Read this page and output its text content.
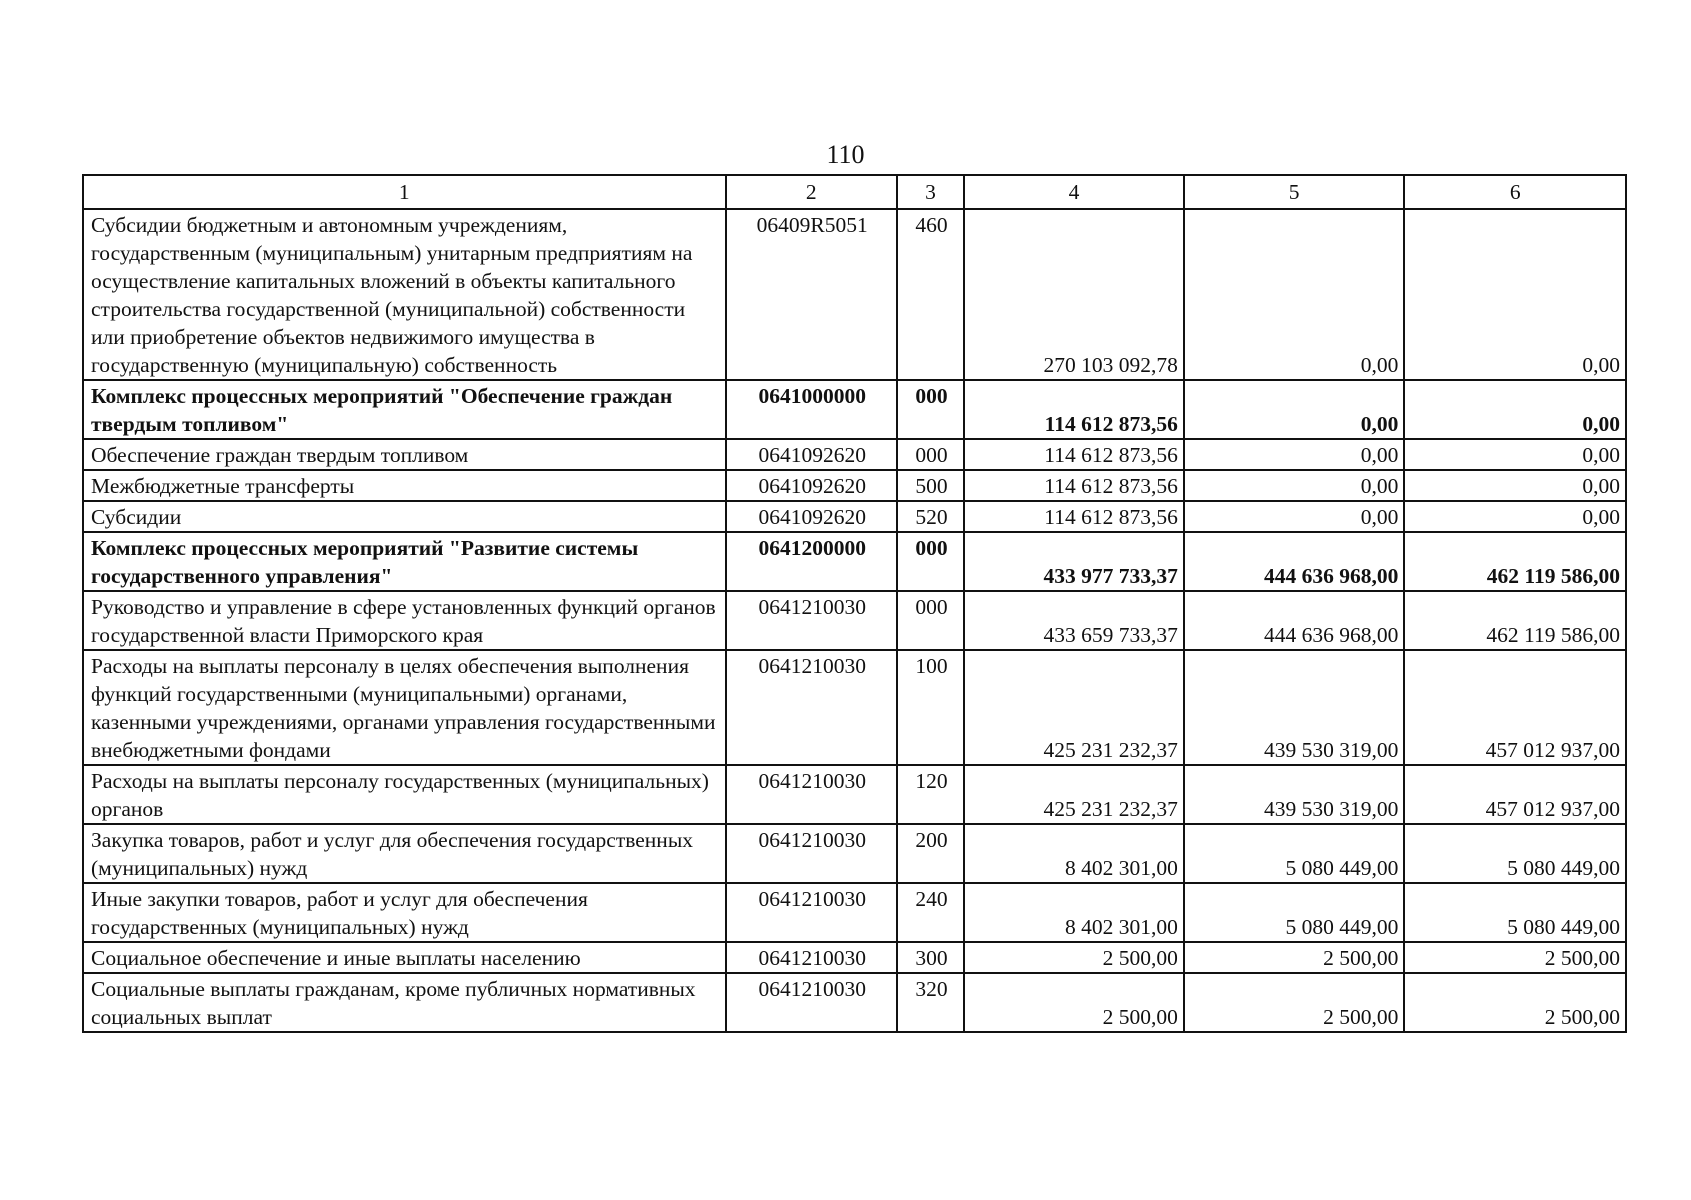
110
1	2	3	4	5	6
Субсидии бюджетным и автономным учреждениям, государственным (муниципальным) унитарным предприятиям на осуществление капитальных вложений в объекты капитального строительства государственной (муниципальной) собственности или приобретение объектов недвижимого имущества в государственную (муниципальную) собственность	06409R5051	460	270 103 092,78	0,00	0,00
Комплекс процессных мероприятий "Обеспечение граждан твердым топливом"	0641000000	000	114 612 873,56	0,00	0,00
Обеспечение граждан твердым топливом	0641092620	000	114 612 873,56	0,00	0,00
Межбюджетные трансферты	0641092620	500	114 612 873,56	0,00	0,00
Субсидии	0641092620	520	114 612 873,56	0,00	0,00
Комплекс процессных мероприятий "Развитие системы государственного управления"	0641200000	000	433 977 733,37	444 636 968,00	462 119 586,00
Руководство и управление в сфере установленных функций органов государственной власти Приморского края	0641210030	000	433 659 733,37	444 636 968,00	462 119 586,00
Расходы на выплаты персоналу в целях обеспечения выполнения функций государственными (муниципальными) органами, казенными учреждениями, органами управления государственными внебюджетными фондами	0641210030	100	425 231 232,37	439 530 319,00	457 012 937,00
Расходы на выплаты персоналу государственных (муниципальных) органов	0641210030	120	425 231 232,37	439 530 319,00	457 012 937,00
Закупка товаров, работ и услуг для обеспечения государственных (муниципальных) нужд	0641210030	200	8 402 301,00	5 080 449,00	5 080 449,00
Иные закупки товаров, работ и услуг для обеспечения государственных (муниципальных) нужд	0641210030	240	8 402 301,00	5 080 449,00	5 080 449,00
Социальное обеспечение и иные выплаты населению	0641210030	300	2 500,00	2 500,00	2 500,00
Социальные выплаты гражданам, кроме публичных нормативных социальных выплат	0641210030	320	2 500,00	2 500,00	2 500,00
